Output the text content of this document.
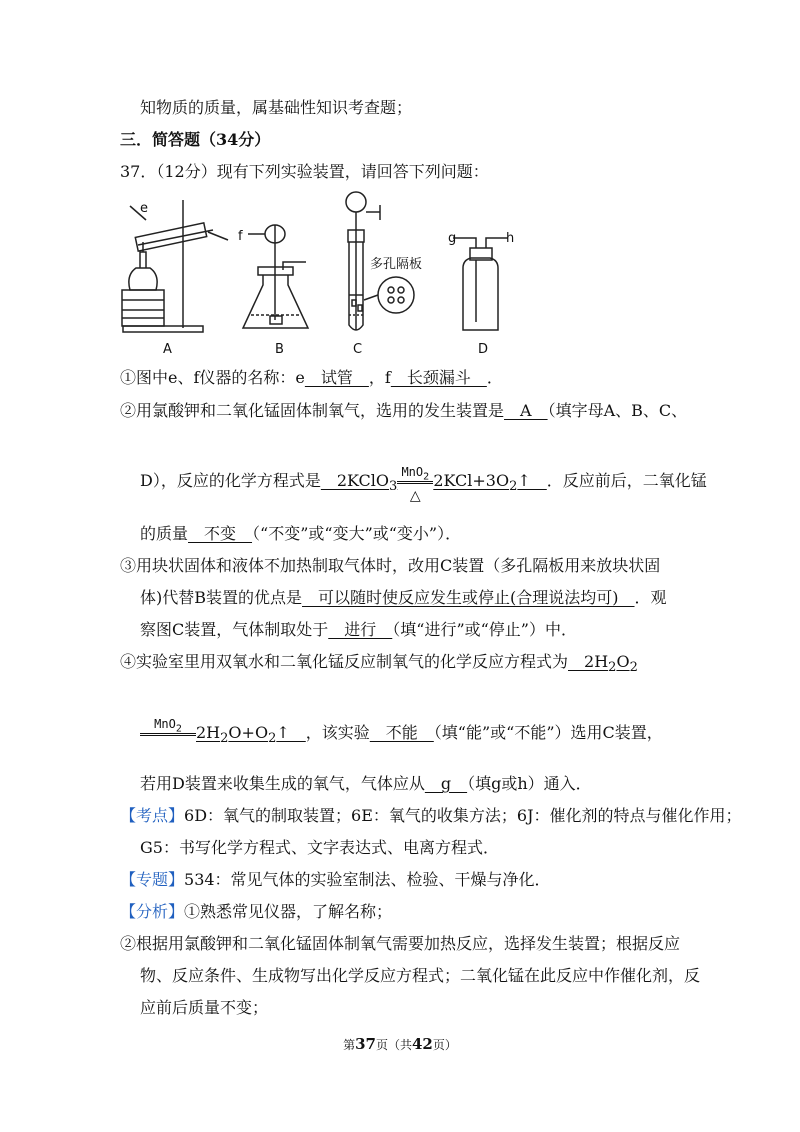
知物质的质量，属基础性知识考查题；
三．简答题（34分）
37．（12分）现有下列实验装置，请回答下列问题：
e
f	g	h
多孔隔板
A	B	C	D
①图中e、f仪器的名称：e　试管　，f　长颈漏斗　．
②用氯酸钾和二氧化锰固体制氧气，选用的发生装置是　A　（填字母A、B、C、
D），反应的化学方程式是　2KClO$_3$ $\frac{MnO_2}{\triangle}$ $2KCl+3O_2↑$　．反应前后，二氧化锰
的质量　不变　（“不变”或“变大”或“变小”）．
③用块状固体和液体不加热制取气体时，改用C装置（多孔隔板用来放块状固
体)代替B装置的优点是　可以随时使反应发生或停止(合理说法均可)　．观
察图C装置，气体制取处于　进行　（填“进行”或“停止”）中．
④实验室里用双氧水和二氧化锰反应制氧气的化学反应方程式为　$2H_2O_2$
MnO$_2$ $2H_2O+O_2↑$　，该实验　不能　（填“能”或“不能”）选用C装置，
若用D装置来收集生成的氧气，气体应从　g　（填g或h）通入．
【考点】6D：氧气的制取装置；6E：氧气的收集方法；6J：催化剂的特点与催化作用；
G5：书写化学方程式、文字表达式、电离方程式．
【专题】534：常见气体的实验室制法、检验、干燥与净化．
【分析】①熟悉常见仪器，了解名称；
②根据用氯酸钾和二氧化锰固体制氧气需要加热反应，选择发生装置；根据反应
物、反应条件、生成物写出化学反应方程式；二氧化锰在此反应中作催化剂，反
应前后质量不变；
第37页（共42页）
